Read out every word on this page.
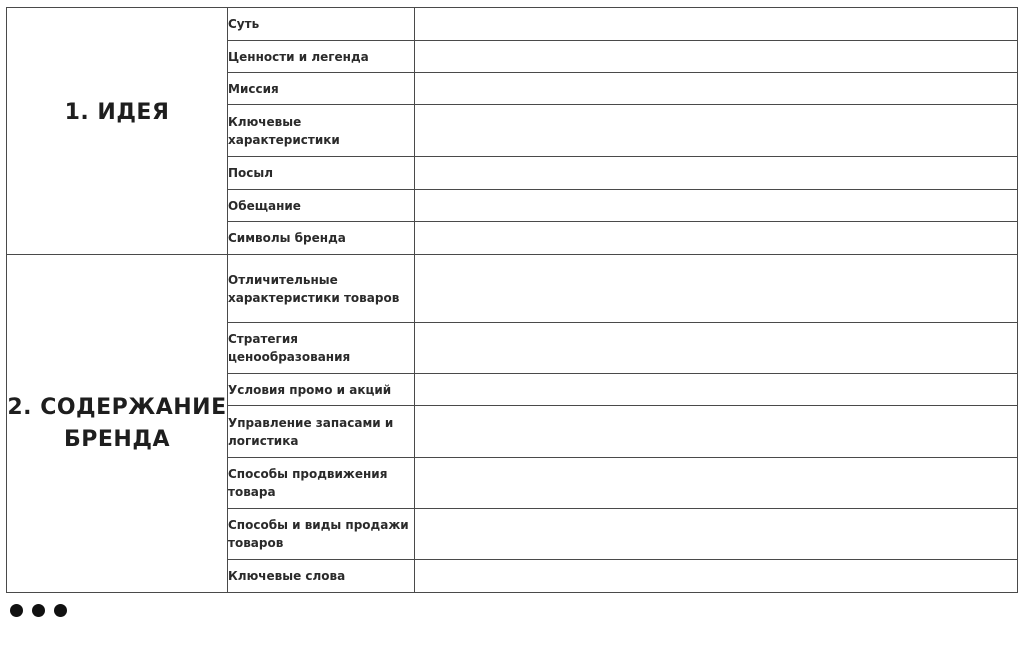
1. ИДЕЯ	Суть	
	Ценности и легенда	
	Миссия	
	Ключевые характеристики	
	Посыл	
	Обещание	
	Символы бренда	

2. СОДЕРЖАНИЕ БРЕНДА	Отличительные характеристики товаров	
	Стратегия ценообразования	
	Условия промо и акций	
	Управление запасами и логистика	
	Способы продвижения товара	
	Способы и виды продажи товаров	
	Ключевые слова	
